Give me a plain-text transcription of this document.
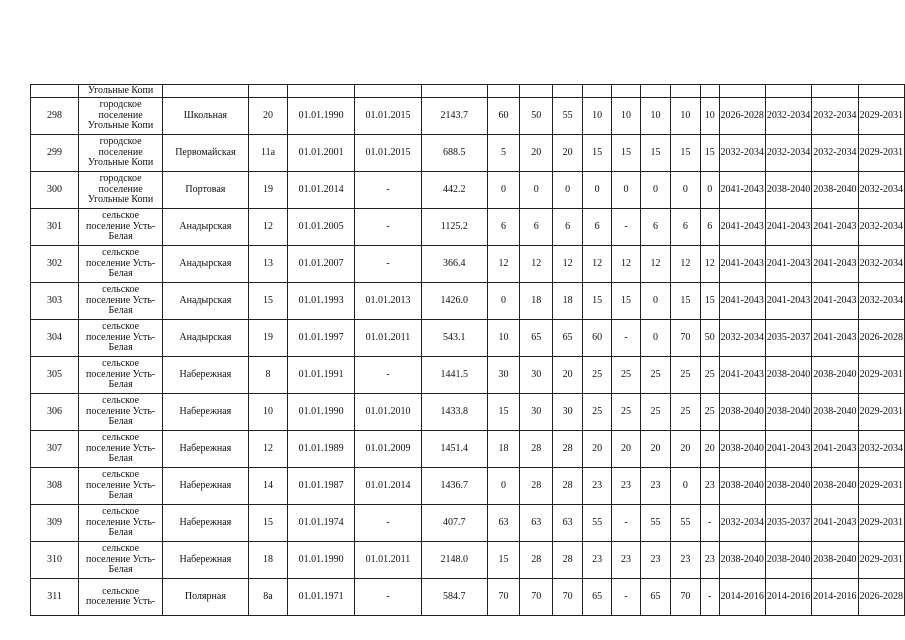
	Угольные Копи																	
298	городское поселение Угольные Копи	Школьная	20	01.01.1990	01.01.2015	2143.7	60	50	55	10	10	10	10	10	2026-2028	2032-2034	2032-2034	2029-2031
299	городское поселение Угольные Копи	Первомайская	11а	01.01.2001	01.01.2015	688.5	5	20	20	15	15	15	15	15	2032-2034	2032-2034	2032-2034	2029-2031
300	городское поселение Угольные Копи	Портовая	19	01.01.2014	-	442.2	0	0	0	0	0	0	0	0	2041-2043	2038-2040	2038-2040	2032-2034
301	сельское поселение Усть-Белая	Анадырская	12	01.01.2005	-	1125.2	6	6	6	6	-	6	6	6	2041-2043	2041-2043	2041-2043	2032-2034
302	сельское поселение Усть-Белая	Анадырская	13	01.01.2007	-	366.4	12	12	12	12	12	12	12	12	2041-2043	2041-2043	2041-2043	2032-2034
303	сельское поселение Усть-Белая	Анадырская	15	01.01.1993	01.01.2013	1426.0	0	18	18	15	15	0	15	15	2041-2043	2041-2043	2041-2043	2032-2034
304	сельское поселение Усть-Белая	Анадырская	19	01.01.1997	01.01.2011	543.1	10	65	65	60	-	0	70	50	2032-2034	2035-2037	2041-2043	2026-2028
305	сельское поселение Усть-Белая	Набережная	8	01.01.1991	-	1441.5	30	30	20	25	25	25	25	25	2041-2043	2038-2040	2038-2040	2029-2031
306	сельское поселение Усть-Белая	Набережная	10	01.01.1990	01.01.2010	1433.8	15	30	30	25	25	25	25	25	2038-2040	2038-2040	2038-2040	2029-2031
307	сельское поселение Усть-Белая	Набережная	12	01.01.1989	01.01.2009	1451.4	18	28	28	20	20	20	20	20	2038-2040	2041-2043	2041-2043	2032-2034
308	сельское поселение Усть-Белая	Набережная	14	01.01.1987	01.01.2014	1436.7	0	28	28	23	23	23	0	23	2038-2040	2038-2040	2038-2040	2029-2031
309	сельское поселение Усть-Белая	Набережная	15	01.01.1974	-	407.7	63	63	63	55	-	55	55	-	2032-2034	2035-2037	2041-2043	2029-2031
310	сельское поселение Усть-Белая	Набережная	18	01.01.1990	01.01.2011	2148.0	15	28	28	23	23	23	23	23	2038-2040	2038-2040	2038-2040	2029-2031
311	сельское поселение Усть-	Полярная	8а	01.01.1971	-	584.7	70	70	70	65	-	65	70	-	2014-2016	2014-2016	2014-2016	2026-2028
